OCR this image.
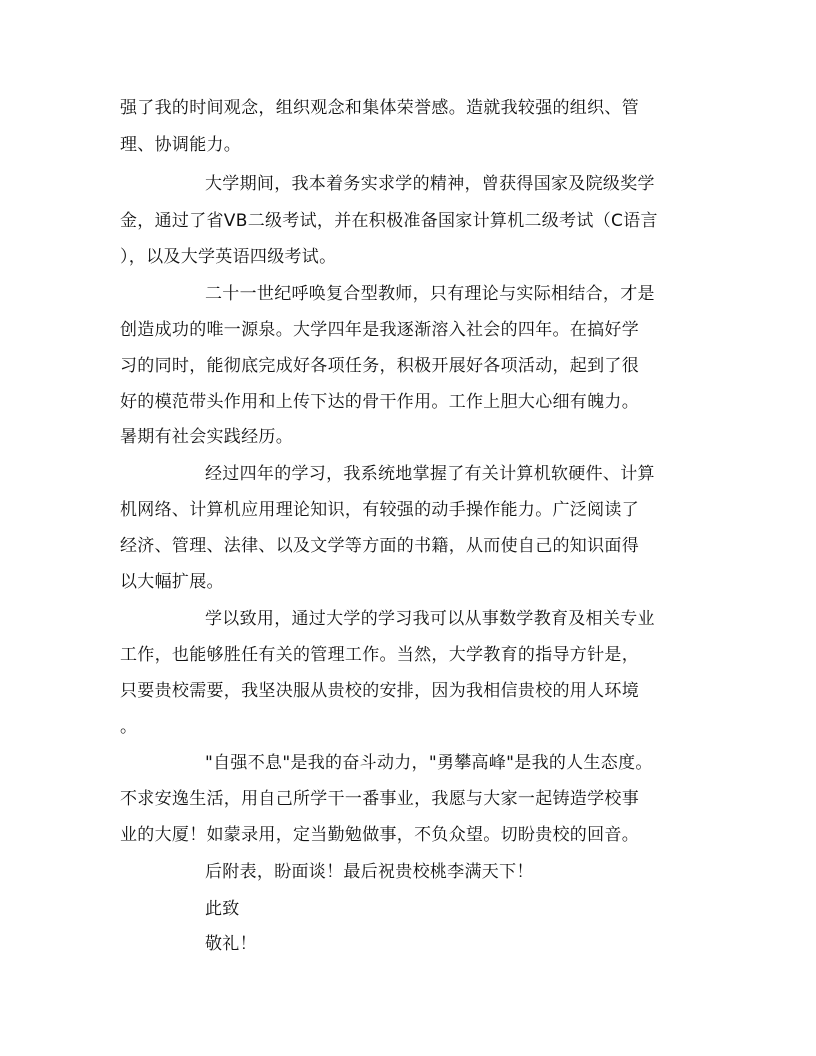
强了我的时间观念，组织观念和集体荣誉感。造就我较强的组织、管
理、协调能力。
大学期间，我本着务实求学的精神，曾获得国家及院级奖学
金，通过了省VB二级考试，并在积极准备国家计算机二级考试（C语言
），以及大学英语四级考试。
二十一世纪呼唤复合型教师，只有理论与实际相结合，才是
创造成功的唯一源泉。大学四年是我逐渐溶入社会的四年。在搞好学
习的同时，能彻底完成好各项任务，积极开展好各项活动，起到了很
好的模范带头作用和上传下达的骨干作用。工作上胆大心细有魄力。
暑期有社会实践经历。
经过四年的学习，我系统地掌握了有关计算机软硬件、计算
机网络、计算机应用理论知识，有较强的动手操作能力。广泛阅读了
经济、管理、法律、以及文学等方面的书籍，从而使自己的知识面得
以大幅扩展。
学以致用，通过大学的学习我可以从事数学教育及相关专业
工作，也能够胜任有关的管理工作。当然，大学教育的指导方针是，
只要贵校需要，我坚决服从贵校的安排，因为我相信贵校的用人环境
。
"自强不息"是我的奋斗动力，"勇攀高峰"是我的人生态度。
不求安逸生活，用自己所学干一番事业，我愿与大家一起铸造学校事
业的大厦！如蒙录用，定当勤勉做事，不负众望。切盼贵校的回音。
后附表，盼面谈！最后祝贵校桃李满天下！
此致
敬礼！
